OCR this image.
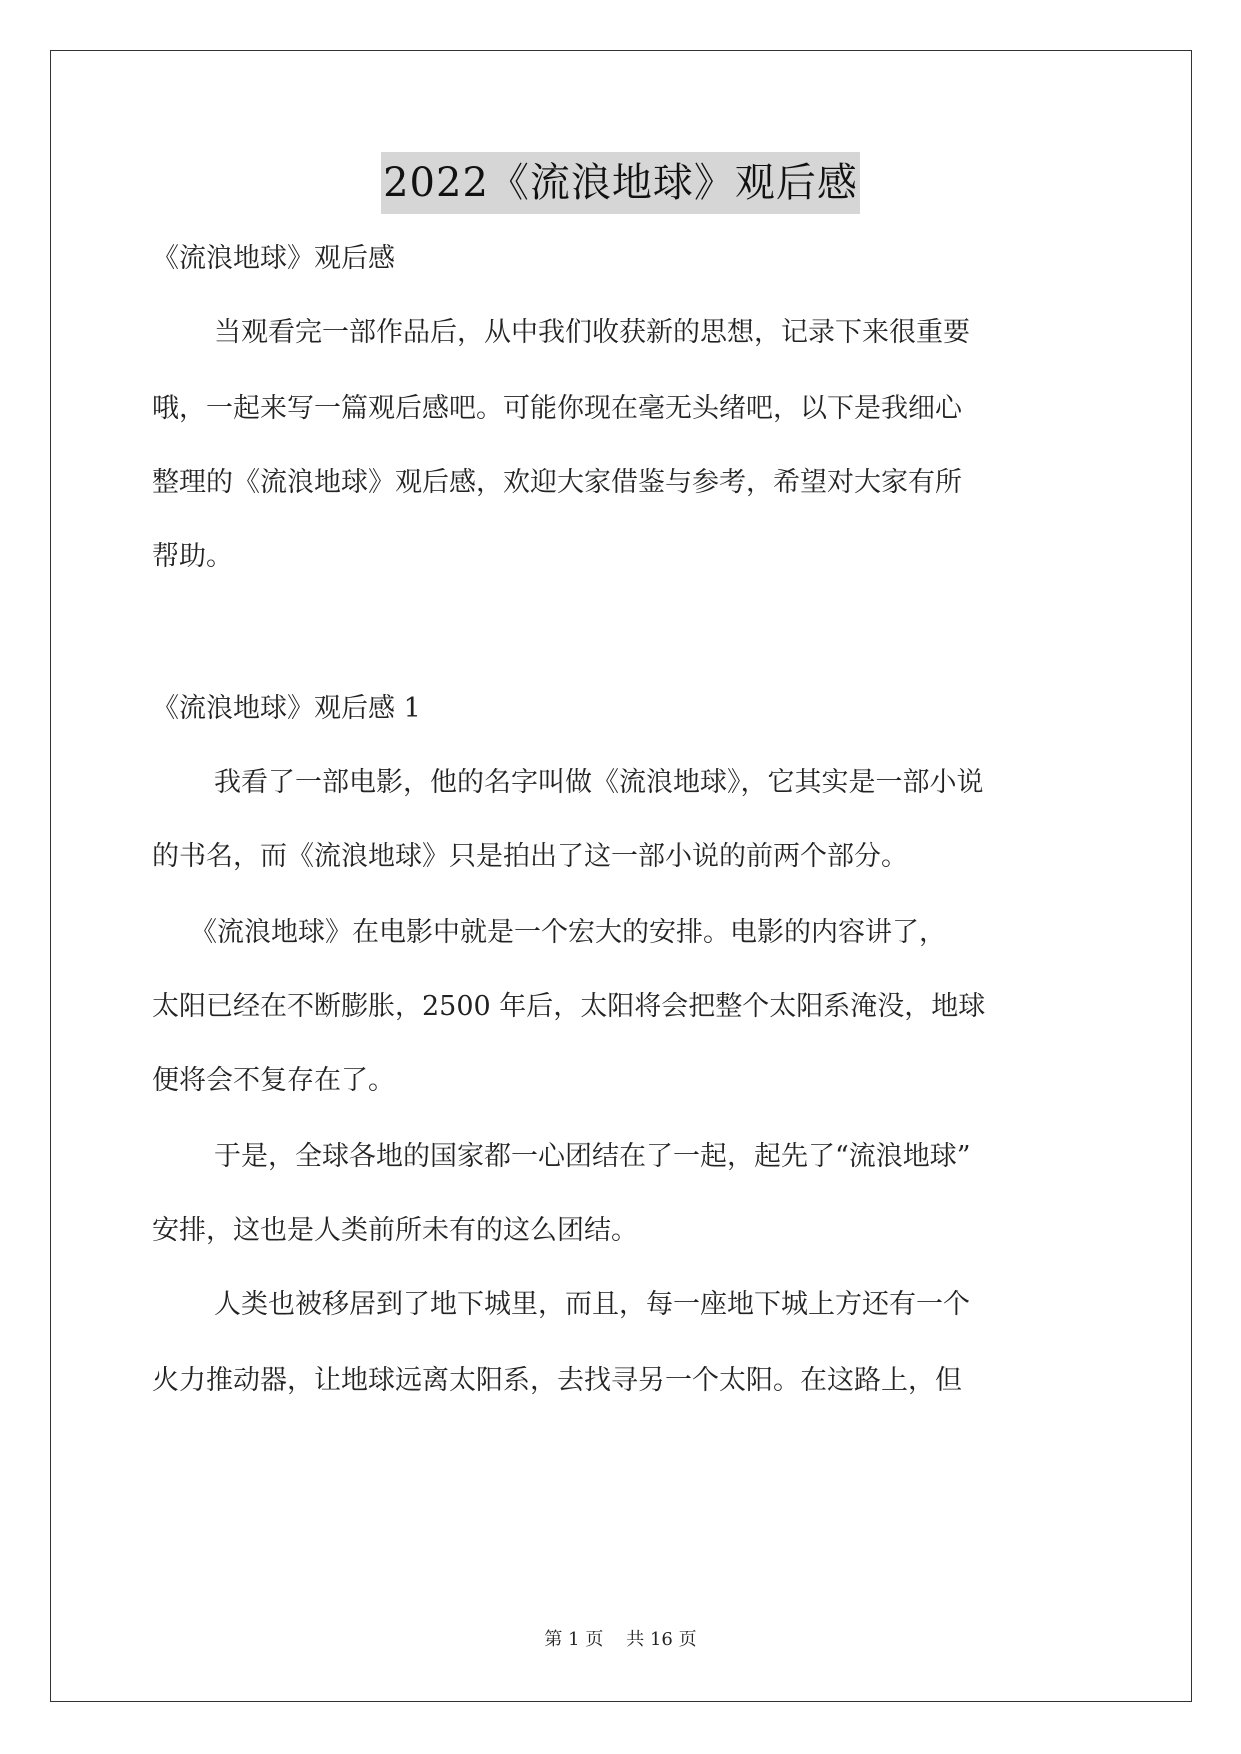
2022《流浪地球》观后感
《流浪地球》观后感
当观看完一部作品后，从中我们收获新的思想，记录下来很重要
哦，一起来写一篇观后感吧。可能你现在毫无头绪吧，以下是我细心
整理的《流浪地球》观后感，欢迎大家借鉴与参考，希望对大家有所
帮助。
《流浪地球》观后感 1
我看了一部电影，他的名字叫做《流浪地球》，它其实是一部小说
的书名，而《流浪地球》只是拍出了这一部小说的前两个部分。
《流浪地球》在电影中就是一个宏大的安排。电影的内容讲了，
太阳已经在不断膨胀，2500 年后，太阳将会把整个太阳系淹没，地球
便将会不复存在了。
于是，全球各地的国家都一心团结在了一起，起先了“流浪地球”
安排，这也是人类前所未有的这么团结。
人类也被移居到了地下城里，而且，每一座地下城上方还有一个
火力推动器，让地球远离太阳系，去找寻另一个太阳。在这路上，但
第 1 页 共 16 页
